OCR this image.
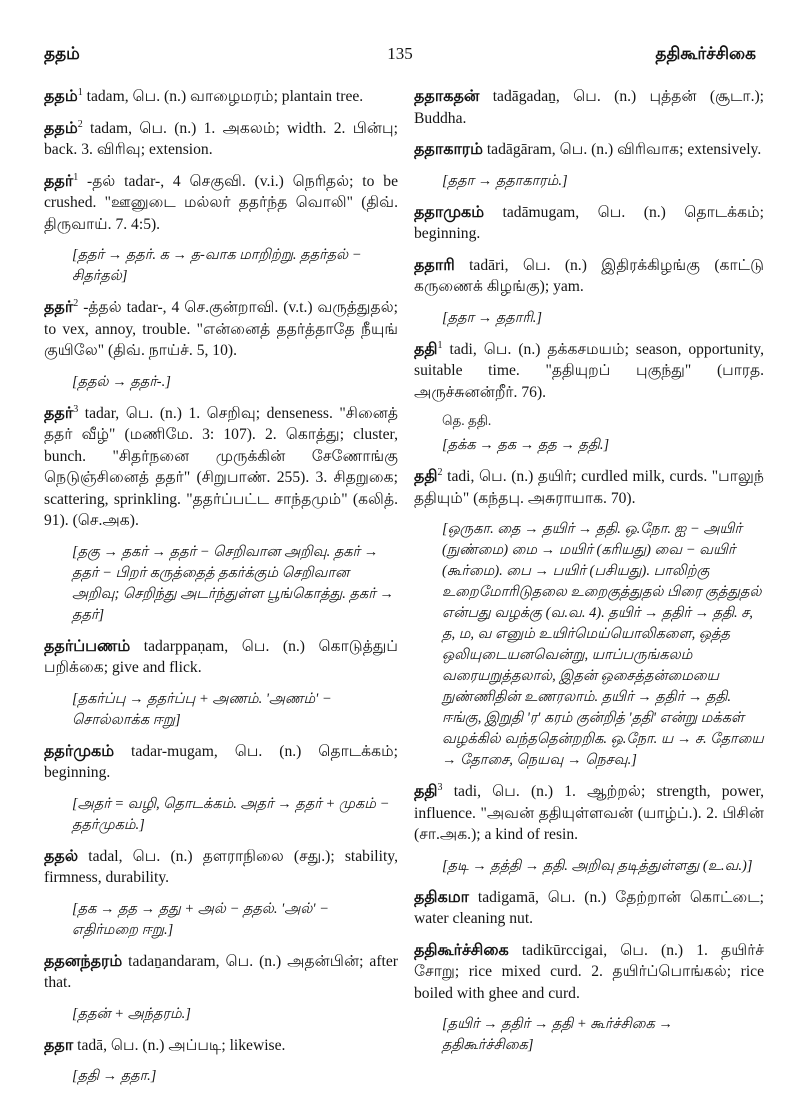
ததம்	135	ததிகூர்ச்சிகை
ததம்$^1$ tadam, பெ. (n.) வாழைமரம்; plantain tree.
ததம்$^2$ tadam, பெ. (n.) 1. அகலம்; width. 2. பின்பு; back. 3. விரிவு; extension.
ததர்$^1$ -தல் tadar-, 4 செகுவி. (v.i.) நெரிதல்; to be crushed. "ஊனுடை மல்லர் ததர்ந்த வொலி" (திவ். திருவாய். 7. 4:5).
[ததர் → ததர். க → த-வாக மாறிற்று. ததர்தல் − சிதர்தல்]
ததர்$^2$ -த்தல் tadar-, 4 செ.குன்றாவி. (v.t.) வருத்துதல்; to vex, annoy, trouble. "என்னைத் ததர்த்தாதே நீயுங் குயிலே" (திவ். நாய்ச். 5, 10).
[ததல் → ததர்-.]
ததர்$^3$ tadar, பெ. (n.) 1. செறிவு; denseness. "சினைத் ததர் வீழ்" (மணிமே. 3: 107). 2. கொத்து; cluster, bunch. "சிதர்நனை முருக்கின் சேணோங்கு நெடுஞ்சினைத் ததர்" (சிறுபாண். 255). 3. சிதறுகை; scattering, sprinkling. "ததர்ப்பட்ட சாந்தமும்" (கலித். 91). (செ.அக).
[தகு → தகர் → ததர் − செறிவான அறிவு. தகர் → ததர் − பிறர் கருத்தைத் தகர்க்கும் செறிவான அறிவு; செறிந்து அடர்ந்துள்ள பூங்கொத்து. தகர் → ததர்]
ததர்ப்பணம் tadarppaṇam, பெ. (n.) கொடுத்துப் பறிக்கை; give and flick.
[தகர்ப்பு → ததர்ப்பு + அணம். 'அணம்' − சொல்லாக்க ஈறு]
ததர்முகம் tadar-mugam, பெ. (n.) தொடக்கம்; beginning.
[அதர் = வழி, தொடக்கம். அதர் → ததர் + முகம் − ததர்முகம்.]
ததல் tadal, பெ. (n.) தளராநிலை (சது.); stability, firmness, durability.
[தக → தத → தது + அல் − ததல். 'அல்' − எதிர்மறை ஈறு.]
ததனந்தரம் tadaṉandaram, பெ. (n.) அதன்பின்; after that.
[ததன் + அந்தரம்.]
ததா tadā, பெ. (n.) அப்படி; likewise.
[ததி → ததா.]
ததாகதன் tadāgadaṉ, பெ. (n.) புத்தன் (சூடா.); Buddha.
ததாகாரம் tadāgāram, பெ. (n.) விரிவாக; extensively.
[ததா → ததாகாரம்.]
ததாமுகம் tadāmugam, பெ. (n.) தொடக்கம்; beginning.
ததாரி tadāri, பெ. (n.) இதிரக்கிழங்கு (காட்டு கருணைக் கிழங்கு); yam.
[ததா → ததாரி.]
ததி$^1$ tadi, பெ. (n.) தக்கசமயம்; season, opportunity, suitable time. "ததியுறப் புகுந்து" (பாரத. அருச்சுனன்றீர். 76).
தெ. ததி.
[தக்க → தக → தத → ததி.]
ததி$^2$ tadi, பெ. (n.) தயிர்; curdled milk, curds. "பாலுந் ததியும்" (கந்தபு. அசுராயாக. 70).
[ஒருகா. தை → தயிர் → ததி. ஒ.நோ. ஐ − அயிர் (நுண்மை) மை → மயிர் (கரியது) வை − வயிர் (கூர்மை). பை → பயிர் (பசியது). பாலிற்கு உறைமோரிடுதலை உறைகுத்துதல் பிரை குத்துதல் என்பது வழக்கு (வ.வ. 4). தயிர் → ததிர் → ததி. ச, த, ம, வ எனும் உயிர்மெய்யொலிகளை, ஒத்த ஒலியுடையனவென்று, யாப்பருங்கலம் வரையறுத்தலால், இதன் ஒசைத்தன்மையை நுண்ணிதின் உணரலாம். தயிர் → ததிர் → ததி. ஈங்கு, இறுதி 'ர' கரம் குன்றித் 'ததி' என்று மக்கள் வழக்கில் வந்ததென்றறிக. ஒ.நோ. ய → ச. தோயை → தோசை, நெயவு → நெசவு.]
ததி$^3$ tadi, பெ. (n.) 1. ஆற்றல்; strength, power, influence. "அவன் ததியுள்ளவன் (யாழ்ப்.). 2. பிசின் (சா.அக.); a kind of resin.
[தடி → தத்தி → ததி. அறிவு தடித்துள்ளது (உ.வ.)]
ததிகமா tadigamā, பெ. (n.) தேற்றான் கொட்டை; water cleaning nut.
ததிகூர்ச்சிகை tadikūrccigai, பெ. (n.) 1. தயிர்ச் சோறு; rice mixed curd. 2. தயிர்ப்பொங்கல்; rice boiled with ghee and curd.
[தயிர் → ததிர் → ததி + கூர்ச்சிகை → ததிகூர்ச்சிகை]
